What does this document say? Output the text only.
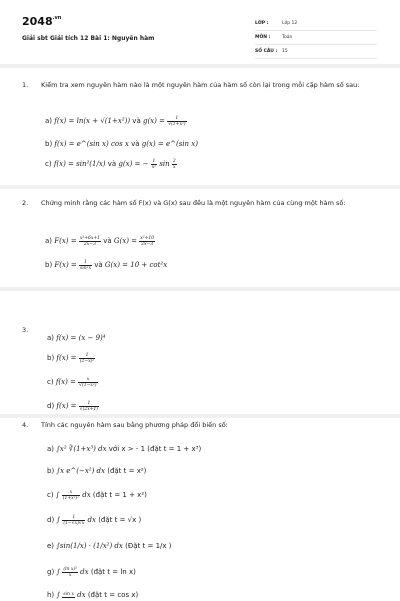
$2048^{.vn}$
Giải sbt Giải tích 12 Bài 1: Nguyên hàm
LỚP :	Lớp 12
MÔN :	Toán
SỐ CÂU :	15
1. Kiểm tra xem nguyên hàm nào là một nguyên hàm của hàm số còn lại trong mỗi cặp hàm số sau:
a) f(x) = ln(x + √(1+x²)) và $g(x) = \frac{1}{\text{√(1+x²)}}$
b) f(x) = e^(sin x) cos x và g(x) = e^(sin x)
c) f(x) = sin²(1/x) và g(x) = − $\frac{1}{\text{x²}}$ $\sin \frac{2}{x}$
2. Chứng minh rằng các hàm số F(x) và G(x) sau đều là một nguyên hàm của cùng một hàm số:
a) $F(x) = \frac{\text{x²+6x+1}}{2x-3}$ và $G(x) = \frac{\text{x²+10}}{2x-3}$
b) $F(x) = \frac{1}{\text{sin²x}}$ và G(x) = 10 + cot²x
3.
a) f(x) = (x − 9)⁴
b) $f(x) = \frac{1}{\text{(2−x)²}}$
c) $f(x) = \frac{x}{\text{√(1−x²)}}$
d) $f(x) = \frac{1}{√(2x+1)}$
4. Tính các nguyên hàm sau bằng phương pháp đổi biến số:
a) ∫x² ∛(1+x³) dx với x > - 1 (đặt t = 1 + x³)
b) ∫x e^(−x²) dx (đặt t = x²)
c) ∫ $\frac{x}{\text{(1+x²)²}}$ dx (đặt t = 1 + x²)
d) ∫ $\frac{1}{(1-√x)√x}$ dx (đặt t = √x )
e) ∫sin(1/x) · (1/x²) dx (Đặt t = 1/x )
g) ∫ $\frac{\text{(ln x)²}}{x}$ dx (đặt t = ln x)
h) ∫ sin x dx (đặt t = cos x)
